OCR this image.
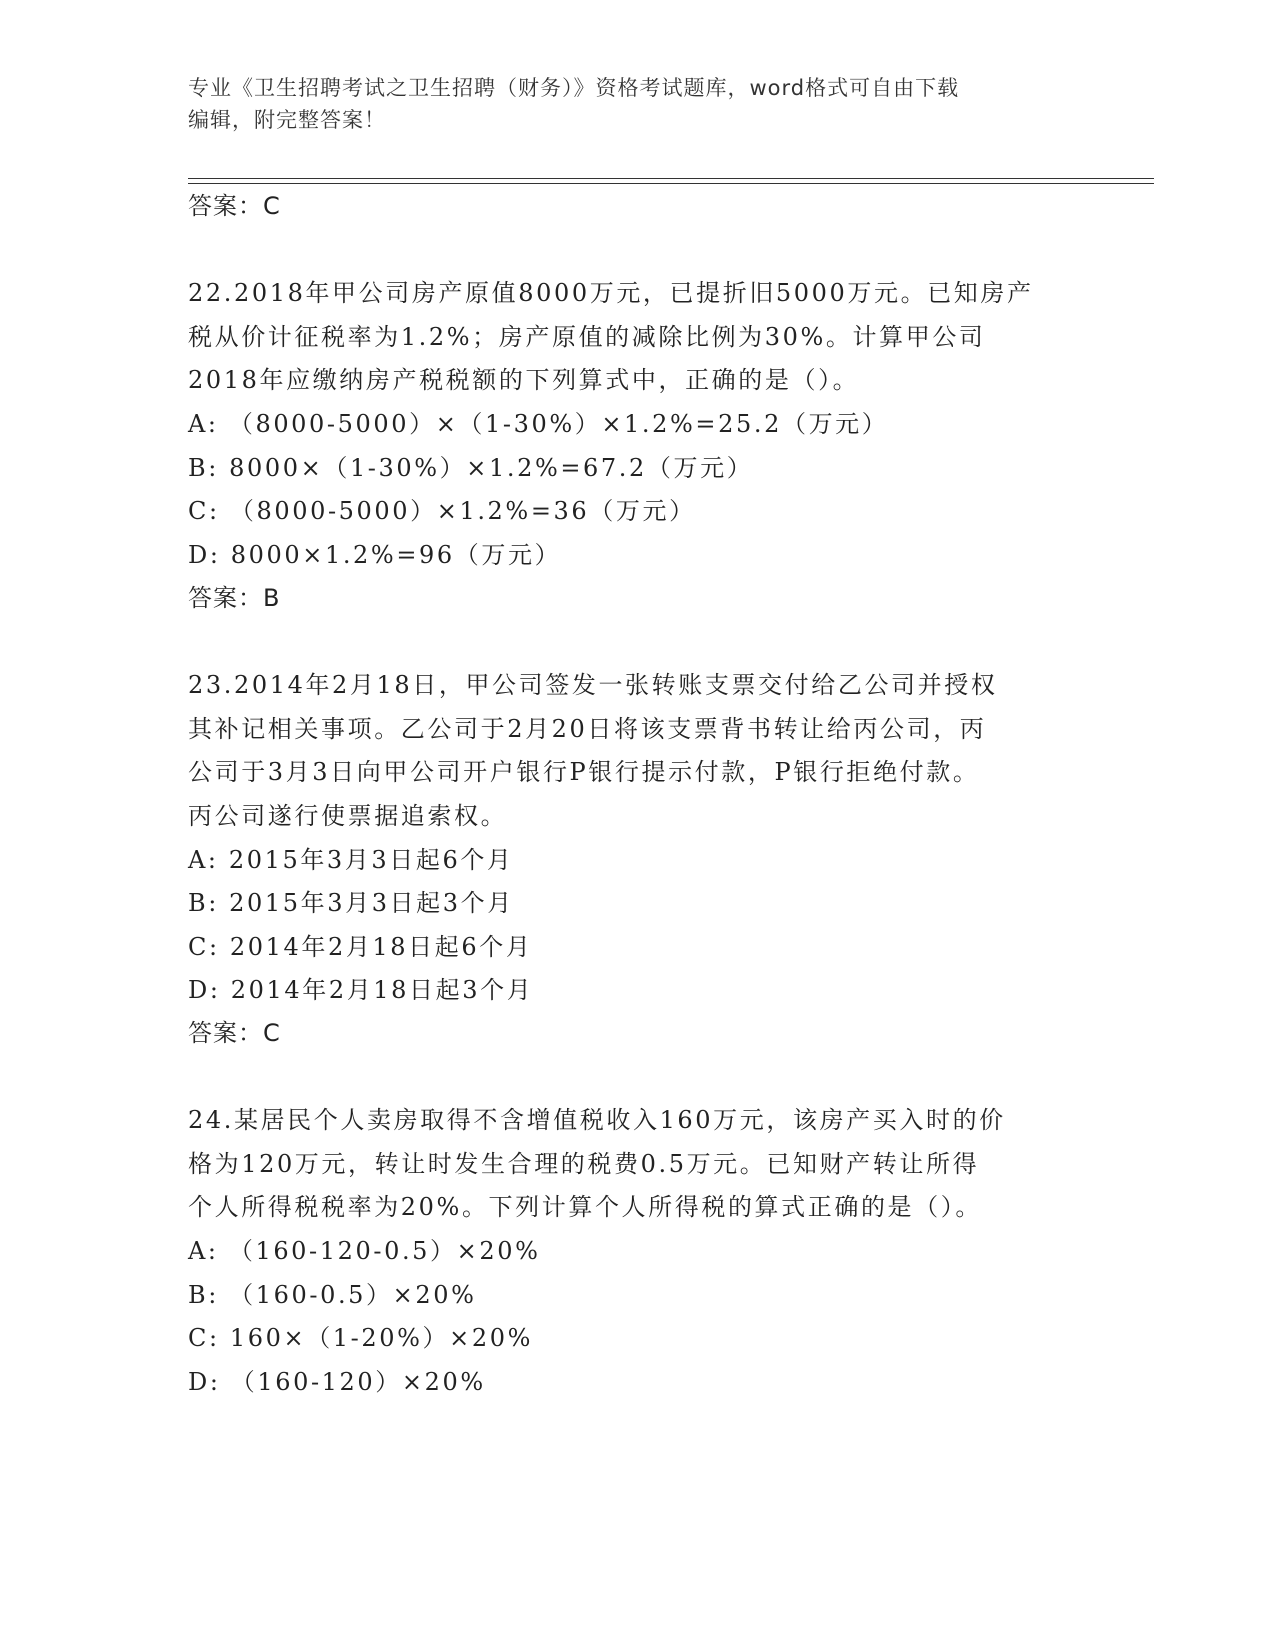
专业《卫生招聘考试之卫生招聘（财务）》资格考试题库，word格式可自由下载
编辑，附完整答案！
答案：C
22.2018年甲公司房产原值8000万元，已提折旧5000万元。已知房产
税从价计征税率为1.2%；房产原值的减除比例为30%。计算甲公司
2018年应缴纳房产税税额的下列算式中，正确的是（）。
A: （8000-5000）×（1-30%）×1.2%=25.2（万元）
B: 8000×（1-30%）×1.2%=67.2（万元）
C: （8000-5000）×1.2%=36（万元）
D: 8000×1.2%=96（万元）
答案：B
23.2014年2月18日，甲公司签发一张转账支票交付给乙公司并授权
其补记相关事项。乙公司于2月20日将该支票背书转让给丙公司，丙
公司于3月3日向甲公司开户银行P银行提示付款，P银行拒绝付款。
丙公司遂行使票据追索权。
A: 2015年3月3日起6个月
B: 2015年3月3日起3个月
C: 2014年2月18日起6个月
D: 2014年2月18日起3个月
答案：C
24.某居民个人卖房取得不含增值税收入160万元，该房产买入时的价
格为120万元，转让时发生合理的税费0.5万元。已知财产转让所得
个人所得税税率为20%。下列计算个人所得税的算式正确的是（）。
A: （160-120-0.5）×20%
B: （160-0.5）×20%
C: 160×（1-20%）×20%
D: （160-120）×20%
